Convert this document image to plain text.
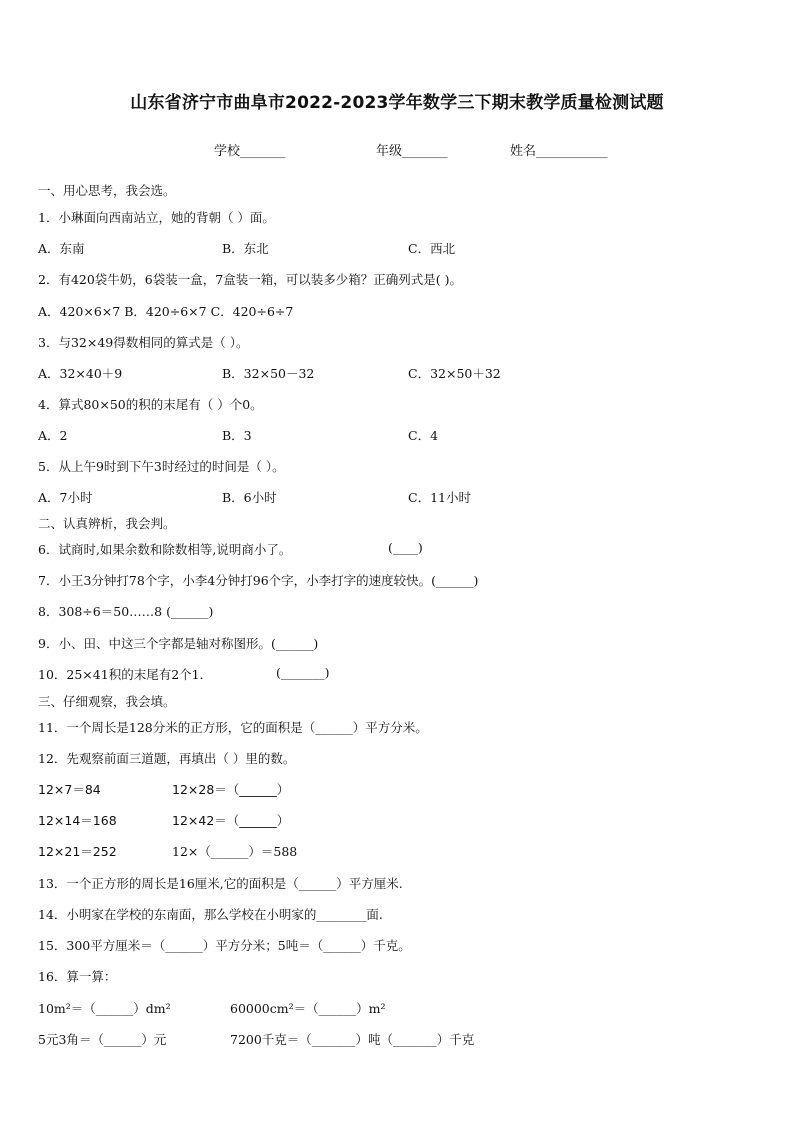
山东省济宁市曲阜市2022-2023学年数学三下期末教学质量检测试题
学校_______	年级_______	姓名___________
一、用心思考，我会选。
1．小琳面向西南站立，她的背朝（ ）面。
A．东南	B．东北	C．西北
2．有420袋牛奶，6袋装一盒，7盒装一箱，可以装多少箱？正确列式是( )。
A．420×6×7 B．420÷6×7 C．420÷6÷7
3．与32×49得数相同的算式是（ ）。
A．32×40＋9	B．32×50－32	C．32×50＋32
4．算式80×50的积的末尾有（ ）个0。
A．2	B．3	C．4
5．从上午9时到下午3时经过的时间是（ ）。
A．7小时	B．6小时	C．11小时
二、认真辨析，我会判。
6．试商时,如果余数和除数相等,说明商小了。	(____)
7．小王3分钟打78个字，小李4分钟打96个字，小李打字的速度较快。(______)
8．308÷6＝50……8 (______)
9．小、田、中这三个字都是轴对称图形。(______)
10．25×41积的末尾有2个1．	(_______)
三、仔细观察，我会填。
11．一个周长是128分米的正方形，它的面积是（______）平方分米。
12．先观察前面三道题，再填出（ ）里的数。
12×7＝84	12×28＝（______）
12×14＝168	12×42＝（______）
12×21＝252	12×（______）＝588
13．一个正方形的周长是16厘米,它的面积是（______）平方厘米.
14．小明家在学校的东南面，那么学校在小明家的________面.
15．300平方厘米＝（______）平方分米；5吨＝（______）千克。
16．算一算：
10m²＝（______）dm²	60000cm²＝（______）m²
5元3角＝（______）元	7200千克＝（_______）吨（_______）千克
